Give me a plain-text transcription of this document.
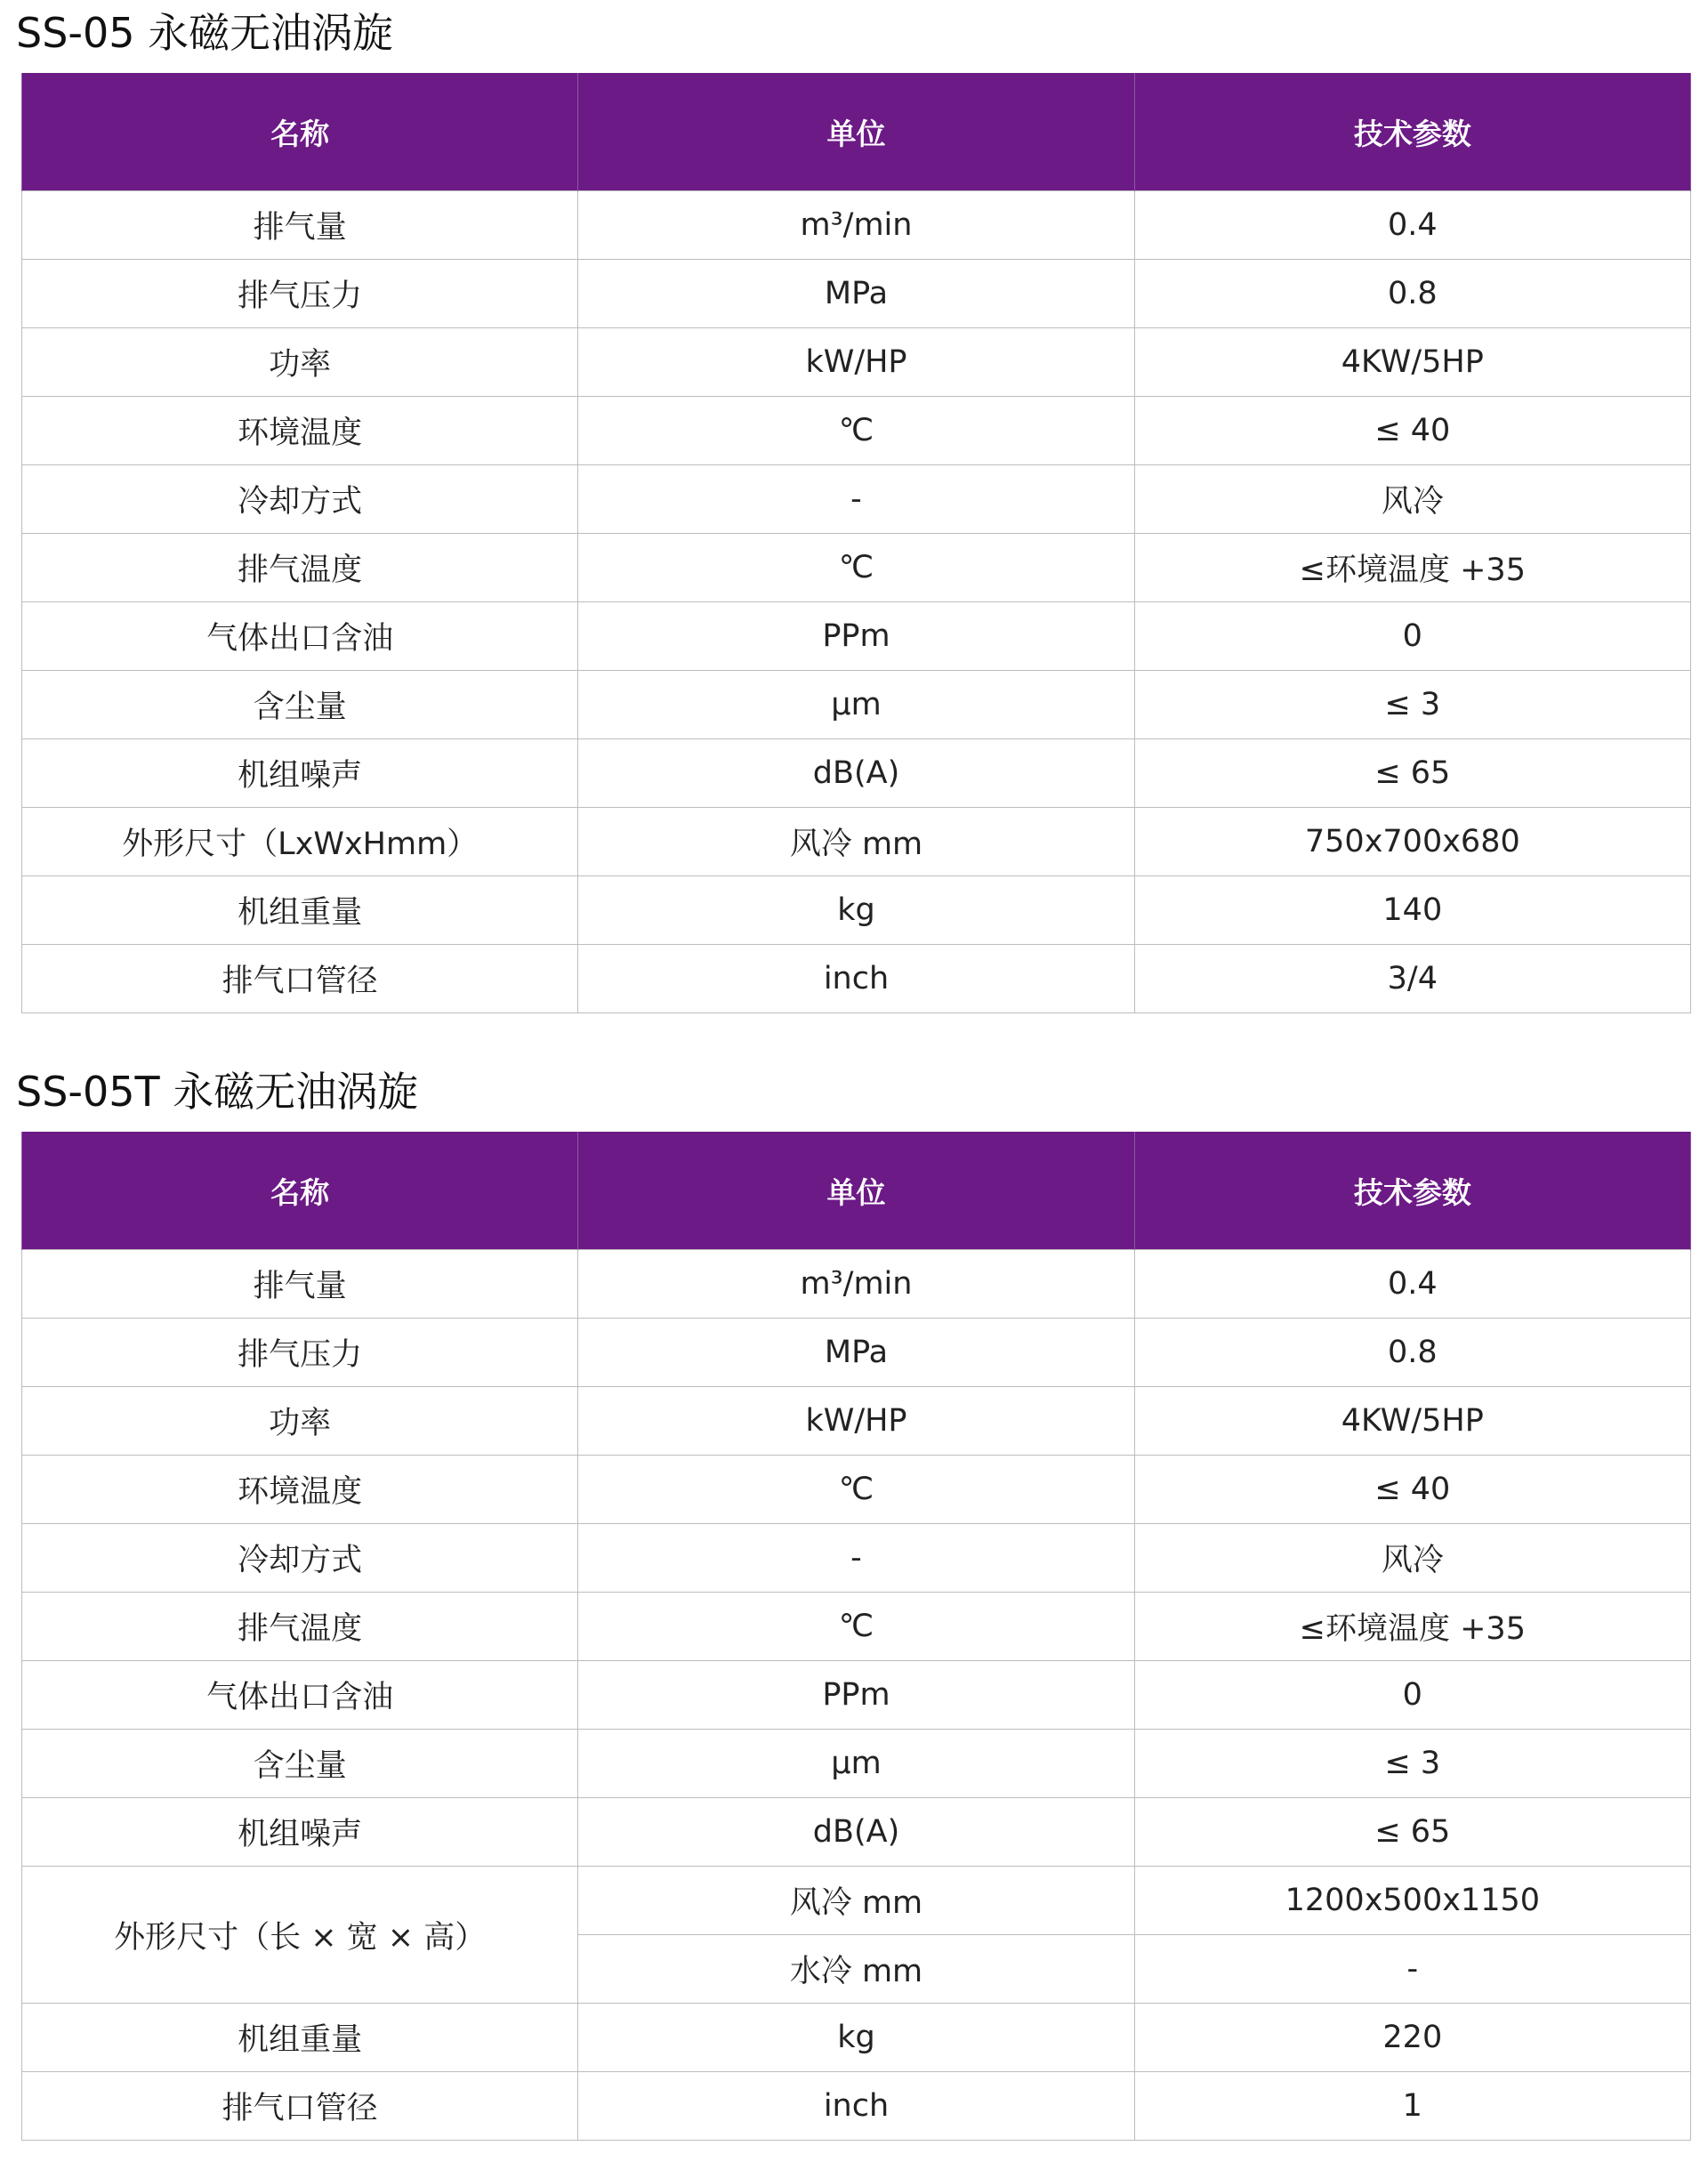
SS-05 永磁无油涡旋
名称	单位	技术参数
排气量	m³/min	0.4
排气压力	MPa	0.8
功率	kW/HP	4KW/5HP
环境温度	℃	≤ 40
冷却方式	-	风冷
排气温度	℃	≤环境温度 +35
气体出口含油	PPm	0
含尘量	μm	≤ 3
机组噪声	dB(A)	≤ 65
外形尺寸（LxWxHmm）	风冷 mm	750x700x680
机组重量	kg	140
排气口管径	inch	3/4
SS-05T 永磁无油涡旋
名称	单位	技术参数
排气量	m³/min	0.4
排气压力	MPa	0.8
功率	kW/HP	4KW/5HP
环境温度	℃	≤ 40
冷却方式	-	风冷
排气温度	℃	≤环境温度 +35
气体出口含油	PPm	0
含尘量	μm	≤ 3
机组噪声	dB(A)	≤ 65
外形尺寸（长 × 宽 × 高）	风冷 mm	1200x500x1150
	水冷 mm	-
机组重量	kg	220
排气口管径	inch	1
